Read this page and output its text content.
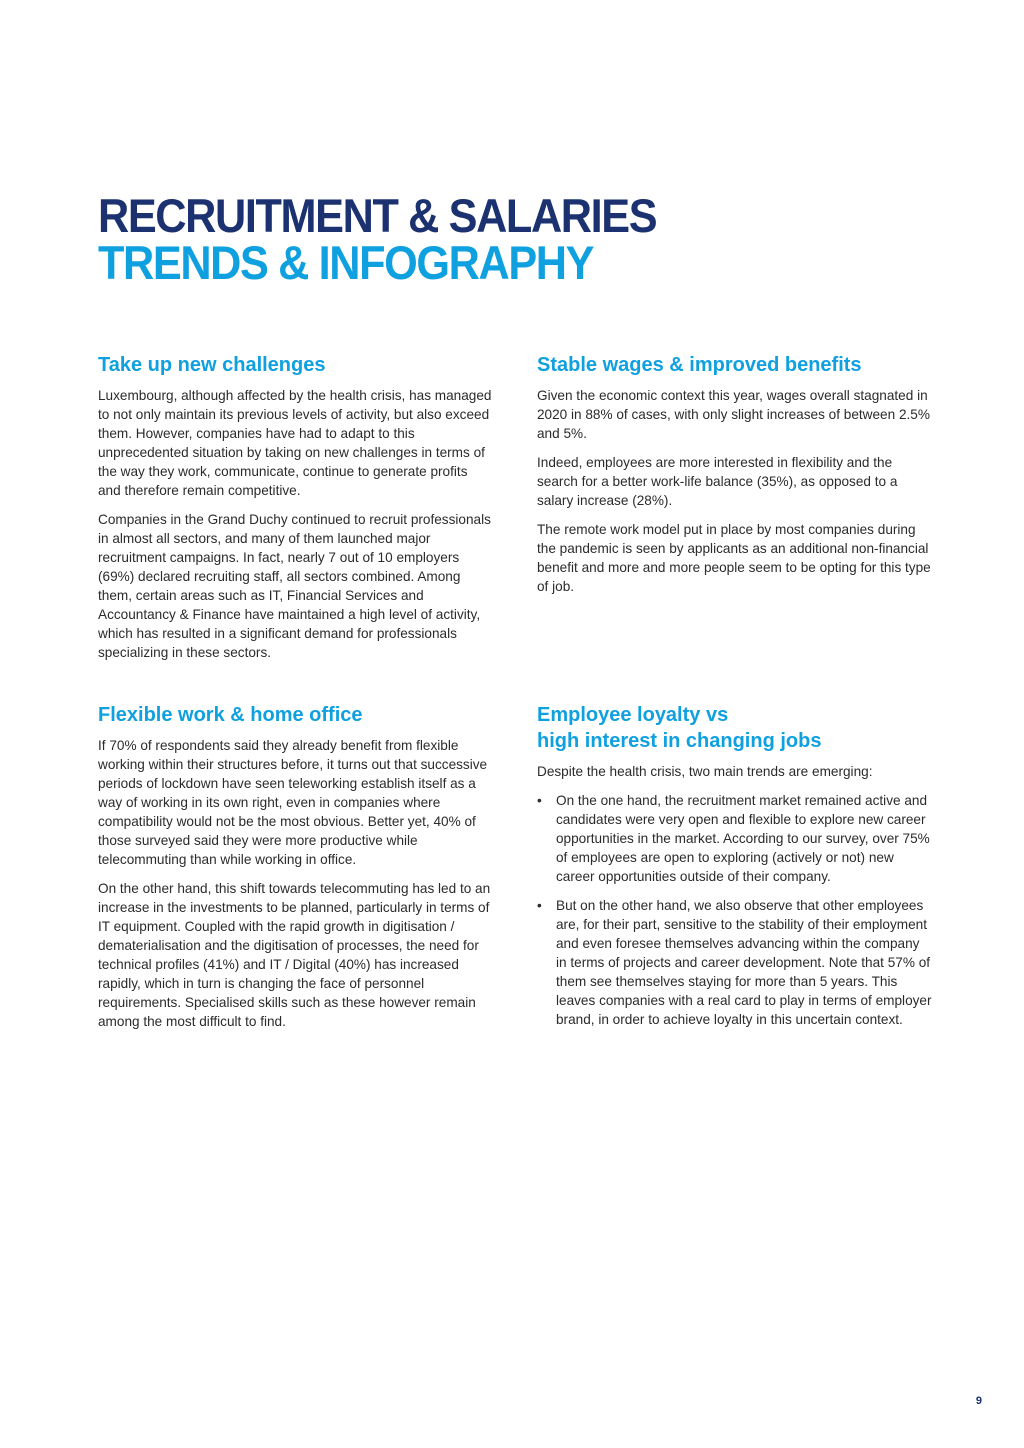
RECRUITMENT & SALARIES
TRENDS & INFOGRAPHY
Take up new challenges

Luxembourg, although affected by the health crisis, has managed to not only maintain its previous levels of activity, but also exceed them. However, companies have had to adapt to this unprecedented situation by taking on new challenges in terms of the way they work, communicate, continue to generate profits and therefore remain competitive.

Companies in the Grand Duchy continued to recruit professionals in almost all sectors, and many of them launched major recruitment campaigns. In fact, nearly 7 out of 10 employers (69%) declared recruiting staff, all sectors combined. Among them, certain areas such as IT, Financial Services and Accountancy & Finance have maintained a high level of activity, which has resulted in a significant demand for professionals specializing in these sectors.

Stable wages & improved benefits

Given the economic context this year, wages overall stagnated in 2020 in 88% of cases, with only slight increases of between 2.5% and 5%.

Indeed, employees are more interested in flexibility and the search for a better work-life balance (35%), as opposed to a salary increase (28%).

The remote work model put in place by most companies during the pandemic is seen by applicants as an additional non-financial benefit and more and more people seem to be opting for this type of job.

Flexible work & home office

If 70% of respondents said they already benefit from flexible working within their structures before, it turns out that successive periods of lockdown have seen teleworking establish itself as a way of working in its own right, even in companies where compatibility would not be the most obvious. Better yet, 40% of those surveyed said they were more productive while telecommuting than while working in office.

On the other hand, this shift towards telecommuting has led to an increase in the investments to be planned, particularly in terms of IT equipment. Coupled with the rapid growth in digitisation / dematerialisation and the digitisation of processes, the need for technical profiles (41%) and IT / Digital (40%) has increased rapidly, which in turn is changing the face of personnel requirements. Specialised skills such as these however remain among the most difficult to find.

Employee loyalty vs
high interest in changing jobs

Despite the health crisis, two main trends are emerging:

• On the one hand, the recruitment market remained active and candidates were very open and flexible to explore new career opportunities in the market. According to our survey, over 75% of employees are open to exploring (actively or not) new career opportunities outside of their company.
• But on the other hand, we also observe that other employees are, for their part, sensitive to the stability of their employment and even foresee themselves advancing within the company in terms of projects and career development. Note that 57% of them see themselves staying for more than 5 years. This leaves companies with a real card to play in terms of employer brand, in order to achieve loyalty in this uncertain context.
9
